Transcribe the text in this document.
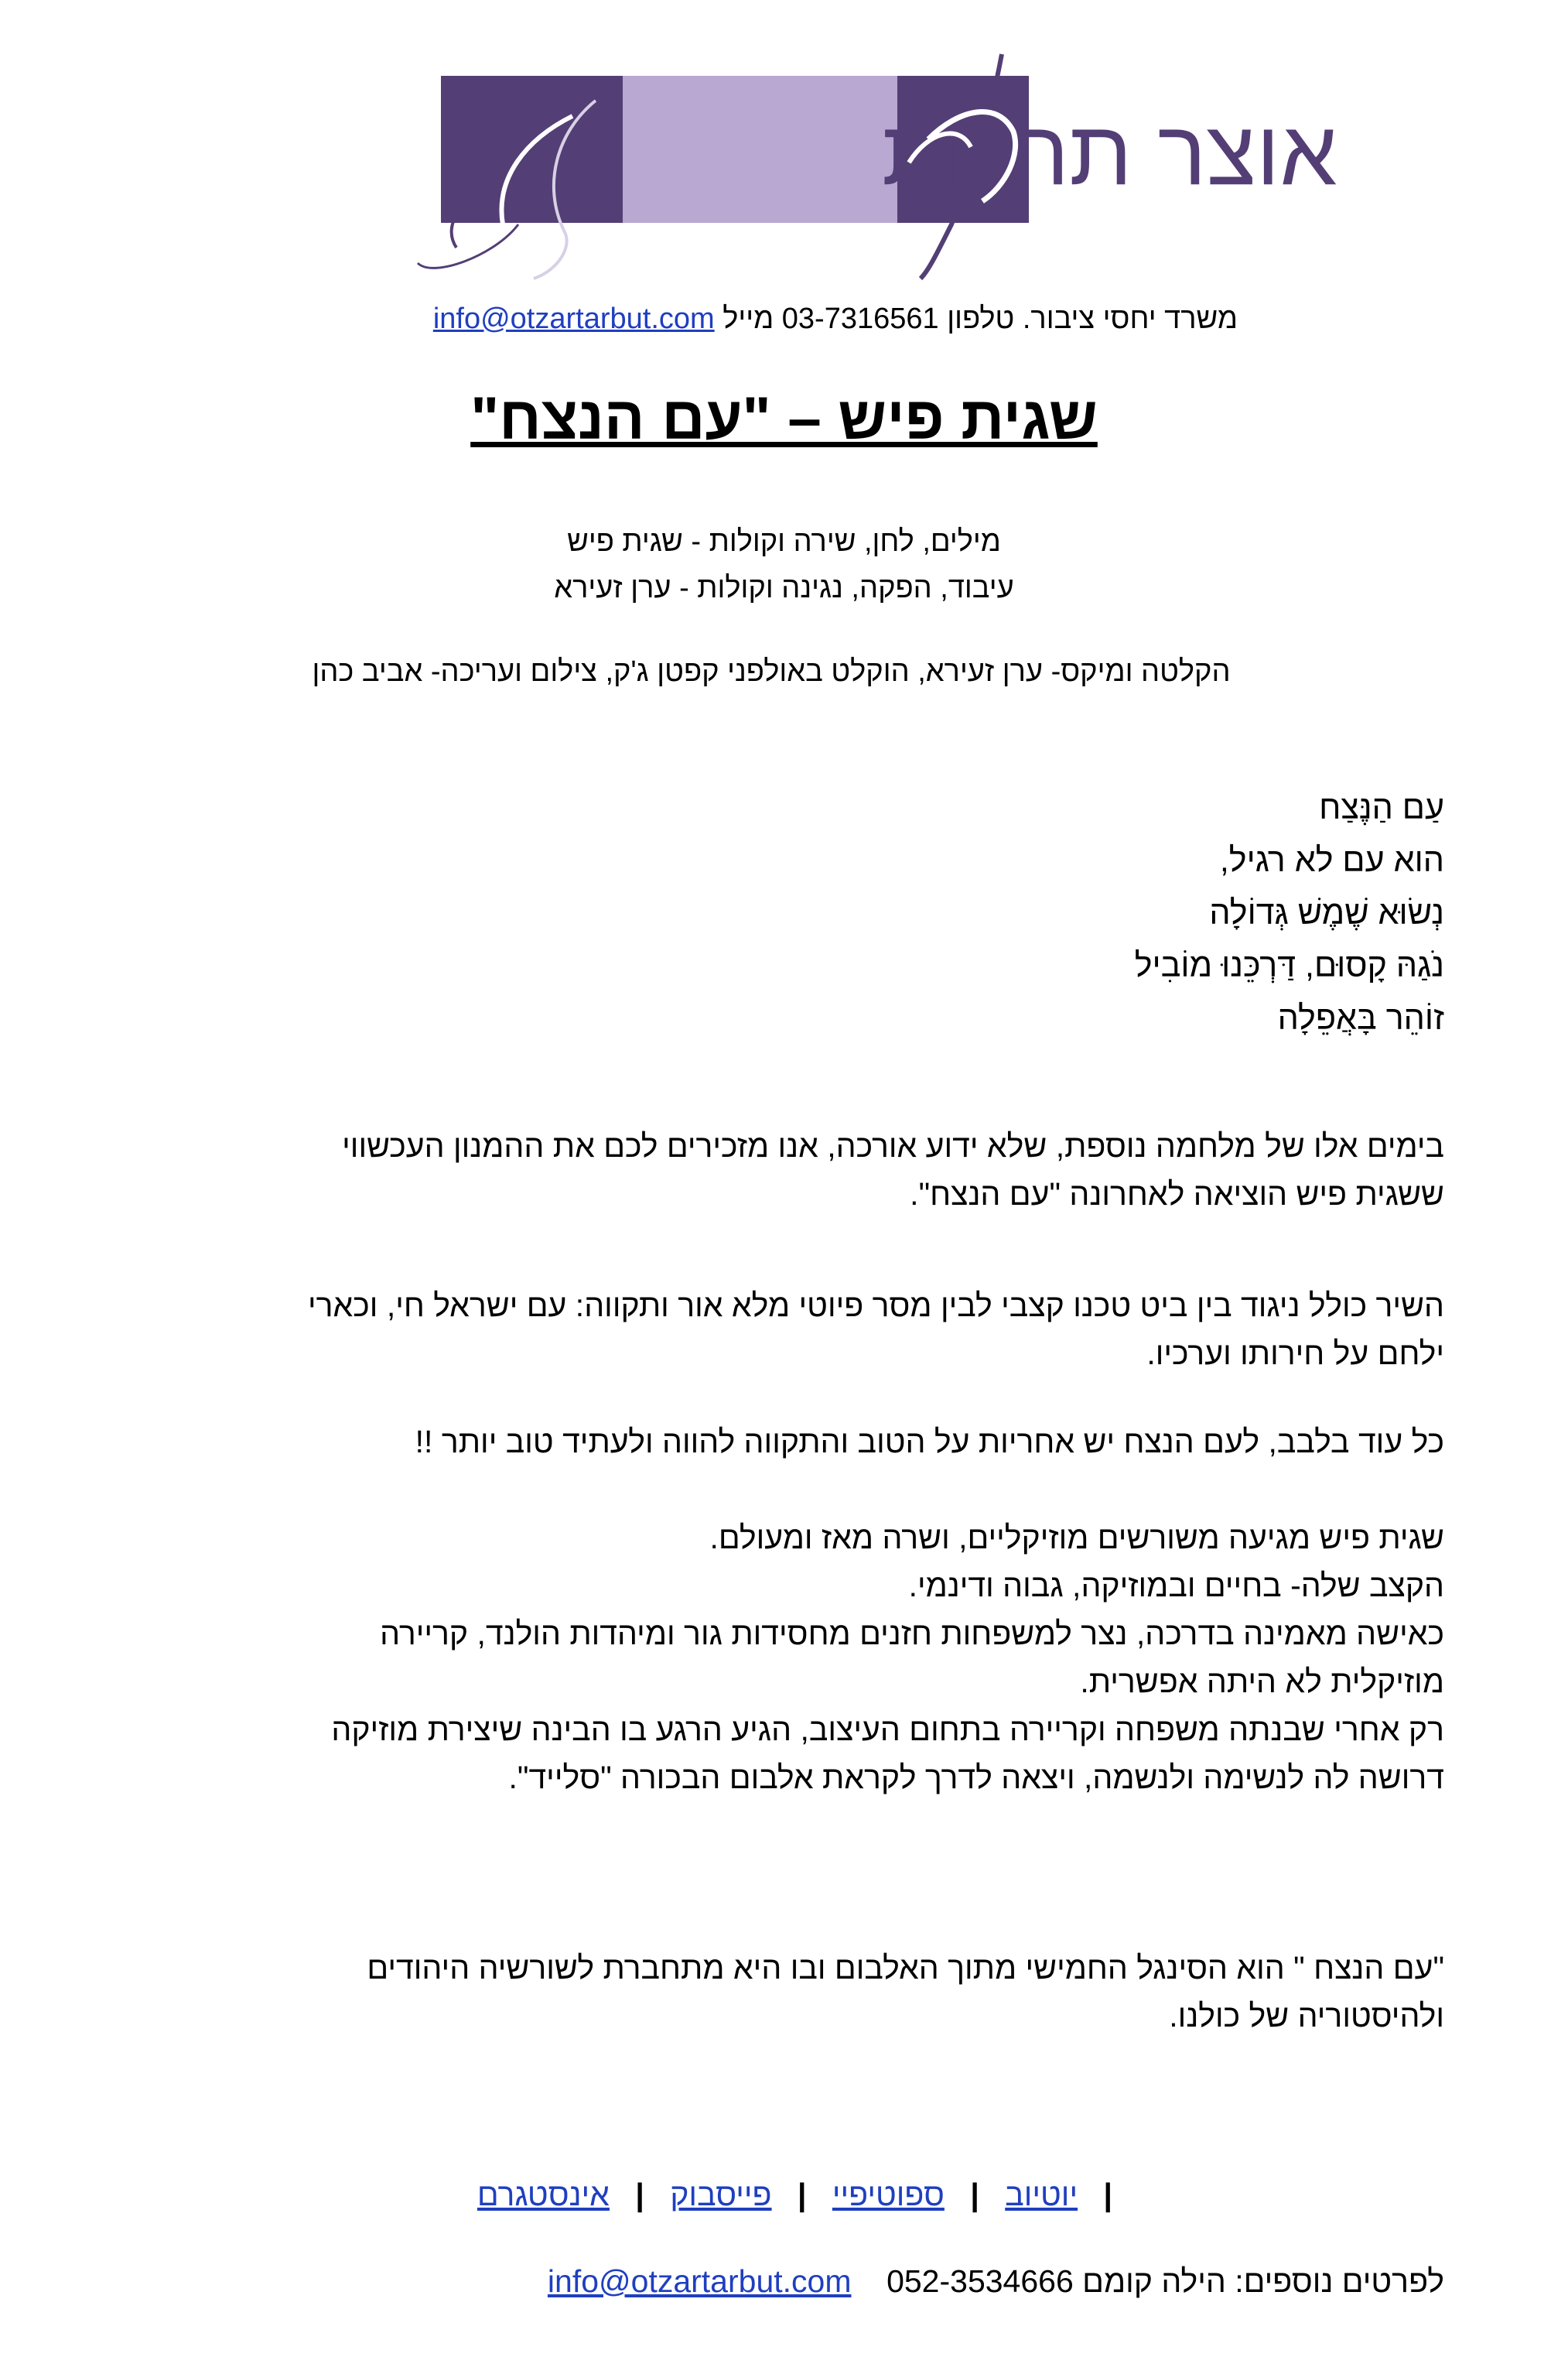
אוצר תרבות
משרד יחסי ציבור. טלפון 03-7316561 מייל info@otzartarbut.com
שגית פיש – "עם הנצח"
מילים, לחן, שירה וקולות - שגית פיש
עיבוד, הפקה, נגינה וקולות - ערן זעירא
הקלטה ומיקס- ערן זעירא, הוקלט באולפני קפטן ג'ק, צילום ועריכה- אביב כהן
עַם הַנֶּצַח
הוא עם לא רגיל,
נְשׂוּא שֶׁמֶשׁ גְּדוֹלָה
נֹגַהּ קָסוּם, דַּרְכֵּנוּ מוֹבִיל
זוֹהֵר בָּאֲפֵלָה

בימים אלו של מלחמה נוספת, שלא ידוע אורכה, אנו מזכירים לכם את ההמנון העכשווי

ששגית פיש הוציאה לאחרונה "עם הנצח".

השיר כולל ניגוד בין ביט טכנו קצבי לבין מסר פיוטי מלא אור ותקווה: עם ישראל חי, וכארי

ילחם על חירותו וערכיו.

כל עוד בלבב, לעם הנצח יש אחריות על הטוב והתקווה להווה ולעתיד טוב יותר !!

שגית פיש מגיעה משורשים מוזיקליים, ושרה מאז ומעולם.

הקצב שלה- בחיים ובמוזיקה, גבוה ודינמי.

כאישה מאמינה בדרכה, נצר למשפחות חזנים מחסידות גור ומיהדות הולנד, קריירה

מוזיקלית לא היתה אפשרית.

רק אחרי שבנתה משפחה וקריירה בתחום העיצוב, הגיע הרגע בו הבינה שיצירת מוזיקה

דרושה לה לנשימה ולנשמה, ויצאה לדרך לקראת אלבום הבכורה "סלייד".

"עם הנצח " הוא הסינגל החמישי מתוך האלבום ובו היא מתחברת לשורשיה היהודים

ולהיסטוריה של כולנו.

| יוטיוב | ספוטיפיי | פייסבוק | אינסטגרם
לפרטים נוספים: הילה קומם 052-3534666    info@otzartarbut.com
